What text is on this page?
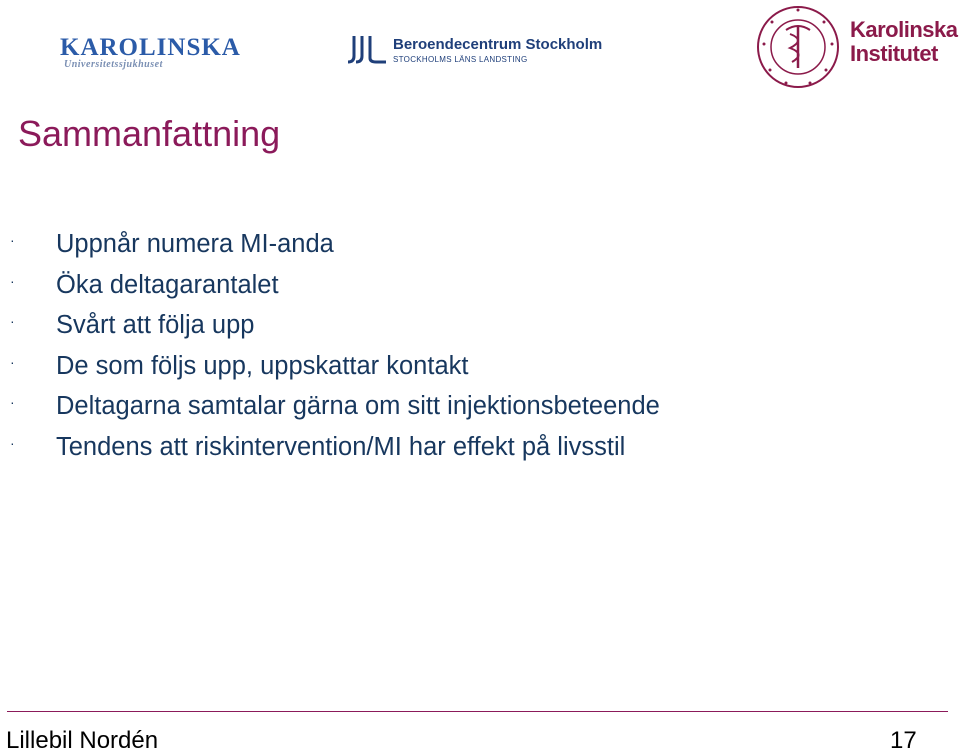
KAROLINSKA
Universitetssjukhuset
Beroendecentrum Stockholm
STOCKHOLMS LÄNS LANDSTING
Karolinska
Institutet
Sammanfattning
· Uppnår numera MI-anda
· Öka deltagarantalet
· Svårt att följa upp
· De som följs upp, uppskattar kontakt
· Deltagarna samtalar gärna om sitt injektionsbeteende
· Tendens att riskintervention/MI har effekt på livsstil
Lillebil Nordén	17
